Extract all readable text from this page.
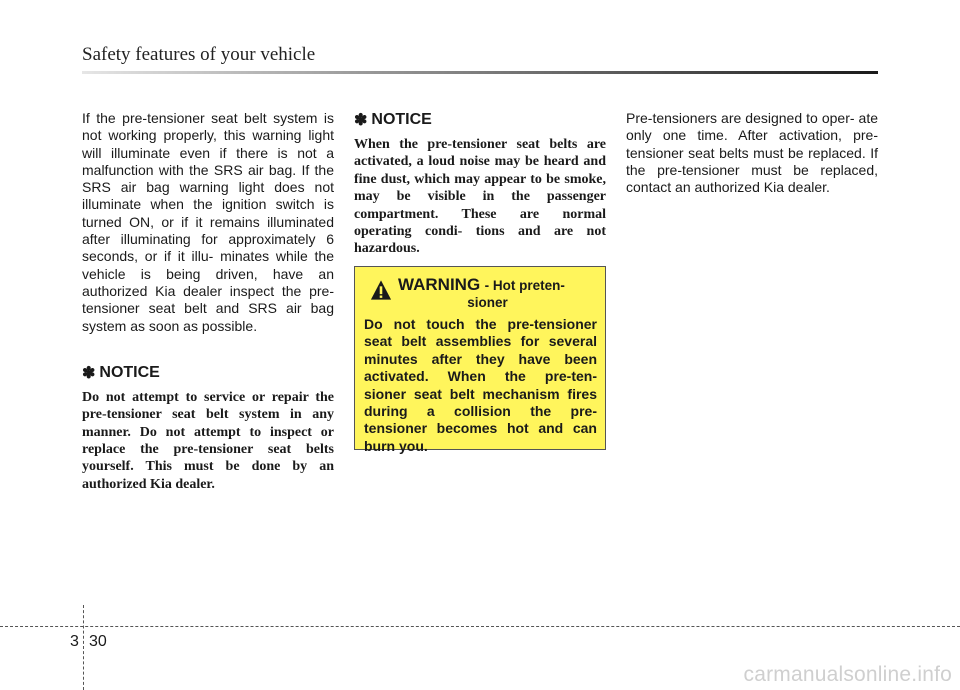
Safety features of your vehicle

If the pre-tensioner seat belt system is not working properly, this warning light will illuminate even if there is not a malfunction with the SRS air bag. If the SRS air bag warning light does not illuminate when the ignition switch is turned ON, or if it remains illuminated after illuminating for approximately 6 seconds, or if it illu- minates while the vehicle is being driven, have an authorized Kia dealer inspect the pre-tensioner seat belt and SRS air bag system as soon as possible.

✽ NOTICE

Do not attempt to service or repair the pre-tensioner seat belt system in any manner. Do not attempt to inspect or replace the pre-tensioner seat belts yourself. This must be done by an authorized Kia dealer.

✽ NOTICE

When the pre-tensioner seat belts are activated, a loud noise may be heard and fine dust, which may appear to be smoke, may be visible in the passenger compartment. These are normal operating condi- tions and are not hazardous.

WARNING - Hot preten-
sioner

Do not touch the pre-tensioner seat belt assemblies for several minutes after they have been activated. When the pre-ten- sioner seat belt mechanism fires during a collision the pre- tensioner becomes hot and can burn you.

Pre-tensioners are designed to oper- ate only one time. After activation, pre-tensioner seat belts must be replaced. If the pre-tensioner must be replaced, contact an authorized Kia dealer.

3 30
carmanualsonline.info
